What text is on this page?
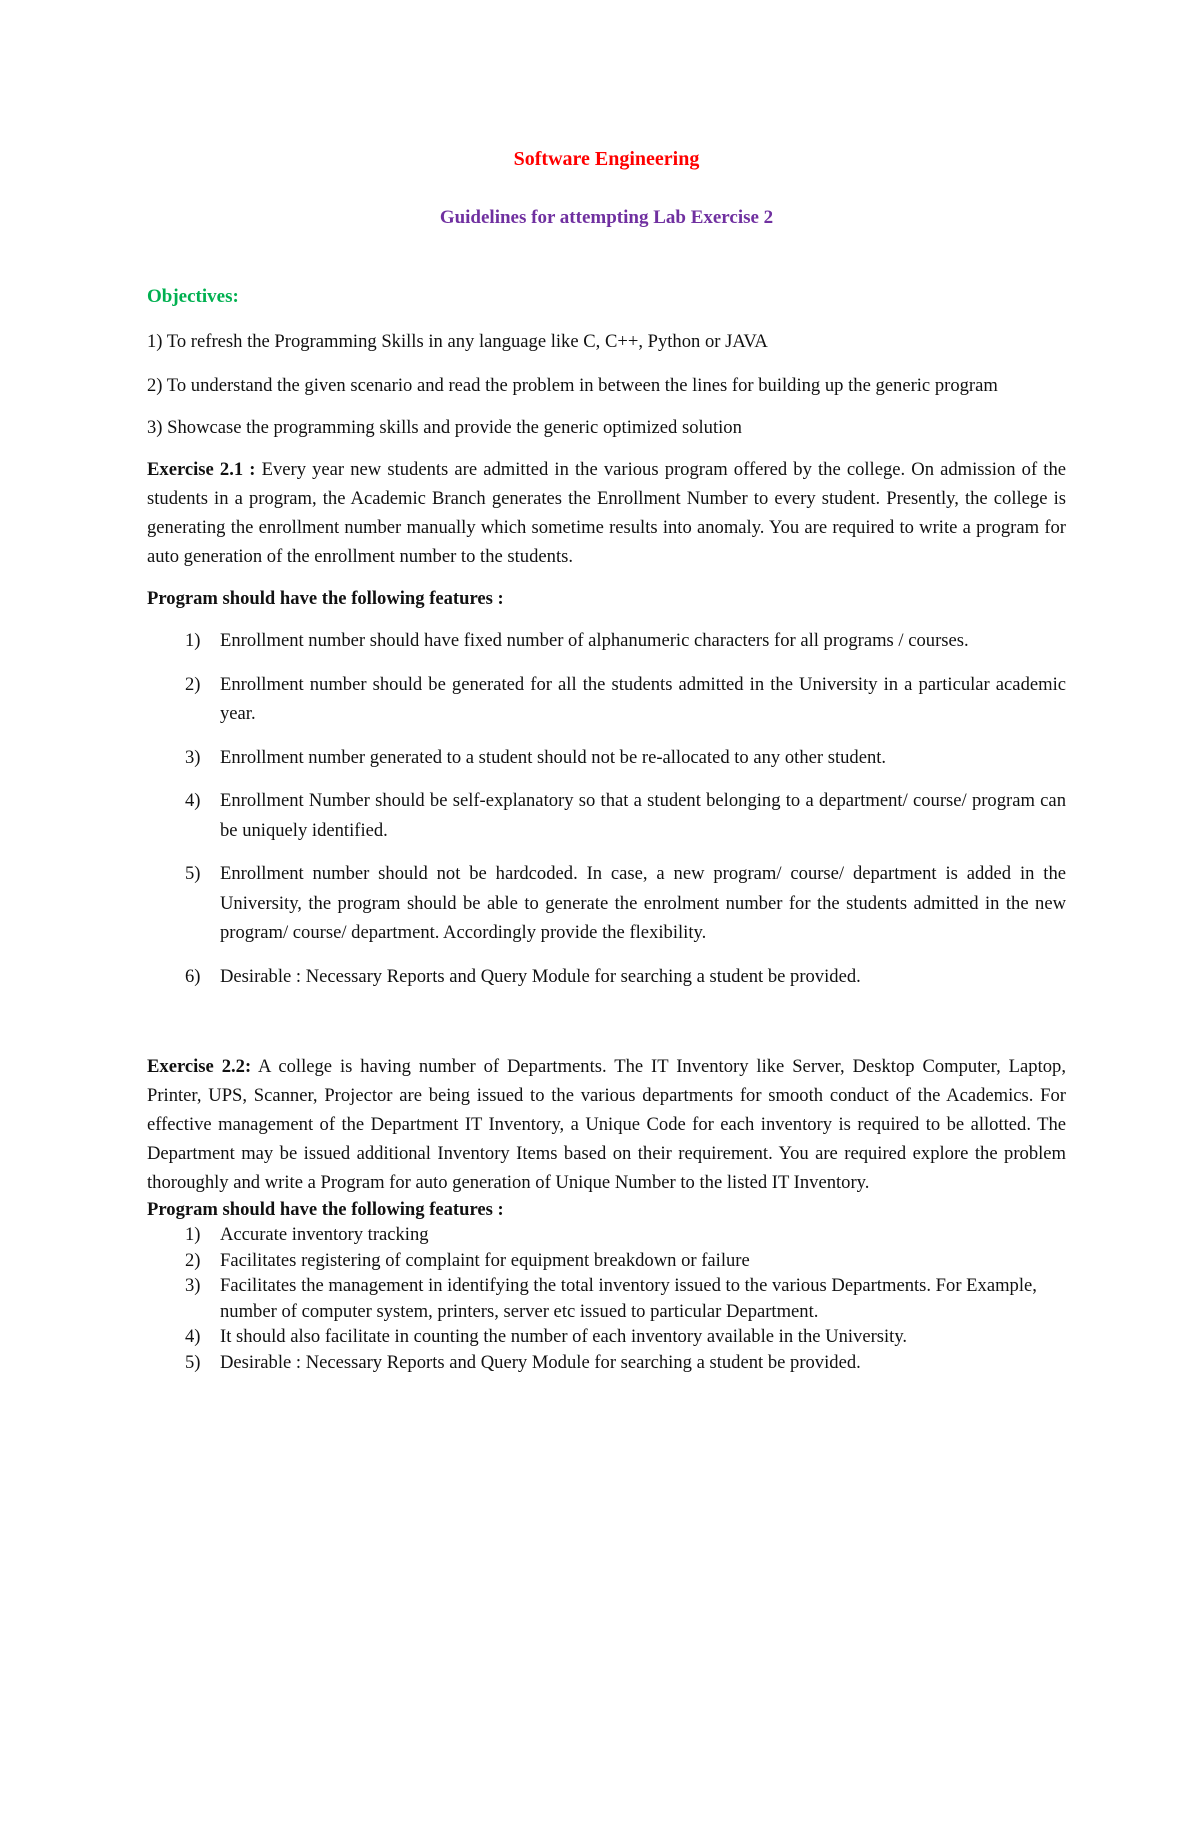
Software Engineering
Guidelines for attempting Lab Exercise 2
Objectives:

1) To refresh the Programming Skills in any language like C, C++, Python or JAVA

2) To understand the given scenario and read the problem in between the lines for building up the generic program

3) Showcase the programming skills and provide the generic optimized solution

Exercise 2.1 : Every year new students are admitted in the various program offered by the college. On admission of the students in a program, the Academic Branch generates the Enrollment Number to every student. Presently, the college is generating the enrollment number manually which sometime results into anomaly. You are required to write a program for auto generation of the enrollment number to the students.

Program should have the following features :
1)	Enrollment number should have fixed number of alphanumeric characters for all programs / courses.
2)	Enrollment number should be generated for all the students admitted in the University in a particular academic year.
3)	Enrollment number generated to a student should not be re-allocated to any other student.
4)	Enrollment Number should be self-explanatory so that a student belonging to a department/ course/ program can be uniquely identified.
5)	Enrollment number should not be hardcoded. In case, a new program/ course/ department is added in the University, the program should be able to generate the enrolment number for the students admitted in the new program/ course/ department. Accordingly provide the flexibility.
6)	Desirable : Necessary Reports and Query Module for searching a student be provided.

Exercise 2.2: A college is having number of Departments. The IT Inventory like Server, Desktop Computer, Laptop, Printer, UPS, Scanner, Projector are being issued to the various departments for smooth conduct of the Academics. For effective management of the Department IT Inventory, a Unique Code for each inventory is required to be allotted. The Department may be issued additional Inventory Items based on their requirement. You are required explore the problem thoroughly and write a Program for auto generation of Unique Number to the listed IT Inventory.

Program should have the following features :
1)	Accurate inventory tracking
2)	Facilitates registering of complaint for equipment breakdown or failure
3)	Facilitates the management in identifying the total inventory issued to the various Departments. For Example, number of computer system, printers, server etc issued to particular Department.
4)	It should also facilitate in counting the number of each inventory available in the University.
5)	Desirable : Necessary Reports and Query Module for searching a student be provided.
